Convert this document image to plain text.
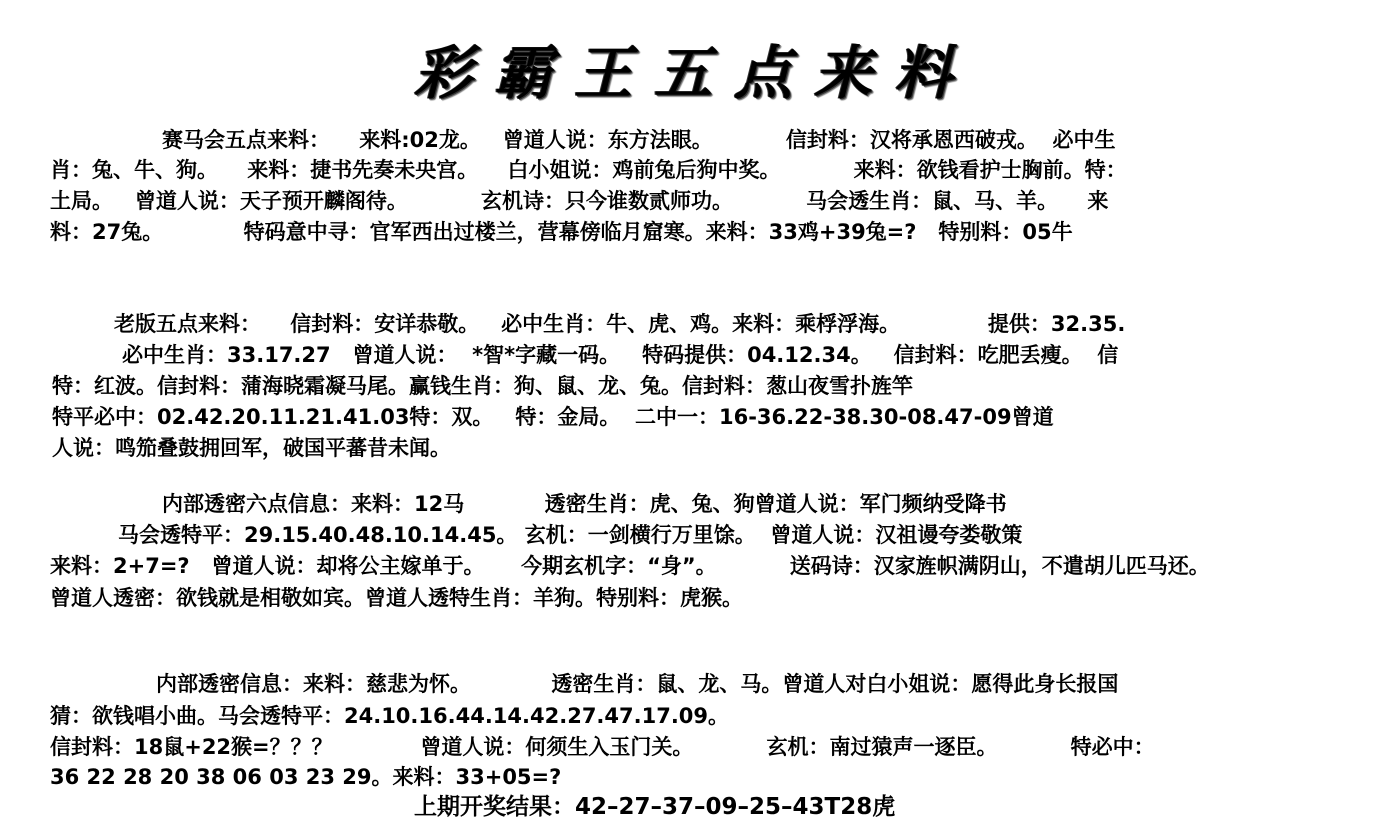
彩霸王五点来料
赛马会五点来料：    来料:02龙。   曾道人说：东方法眼。          信封料：汉将承恩西破戎。  必中生
肖：兔、牛、狗。    来料：捷书先奏未央宫。    白小姐说：鸡前兔后狗中奖。          来料：欲钱看护士胸前。特：
土局。   曾道人说：天子预开麟阁待。          玄机诗：只今谁数贰师功。          马会透生肖：鼠、马、羊。    来
料：27兔。           特码意中寻：官军西出过楼兰，营幕傍临月窟寒。来料：33鸡+39兔=?   特别料：05牛
老版五点来料：    信封料：安详恭敬。   必中生肖：牛、虎、鸡。来料：乘桴浮海。            提供：32.35.
必中生肖：33.17.27   曾道人说：  *智*字藏一码。   特码提供：04.12.34。   信封料：吃肥丢瘦。  信
特：红波。信封料：蒲海晓霜凝马尾。赢钱生肖：狗、鼠、龙、兔。信封料：葱山夜雪扑旌竿
特平必中：02.42.20.11.21.41.03特：双。   特：金局。  二中一：16-36.22-38.30-08.47-09曾道
人说：鸣笳叠鼓拥回军，破国平蕃昔未闻。
内部透密六点信息：来料：12马           透密生肖：虎、兔、狗曾道人说：军门频纳受降书
马会透特平：29.15.40.48.10.14.45。 玄机：一剑横行万里馀。  曾道人说：汉祖谩夸娄敬策
来料：2+7=?   曾道人说：却将公主嫁单于。     今期玄机字：“身”。          送码诗：汉家旌帜满阴山，不遣胡儿匹马还。
曾道人透密：欲钱就是相敬如宾。曾道人透特生肖：羊狗。特别料：虎猴。
内部透密信息：来料：慈悲为怀。           透密生肖：鼠、龙、马。曾道人对白小姐说：愿得此身长报国
猜：欲钱唱小曲。马会透特平：24.10.16.44.14.42.27.47.17.09。
信封料：18鼠+22猴=？？？            曾道人说：何须生入玉门关。          玄机：南过猿声一逐臣。          特必中：
36 22 28 20 38 06 03 23 29。来料：33+05=?
上期开奖结果：42–27–37–09–25–43T28虎
